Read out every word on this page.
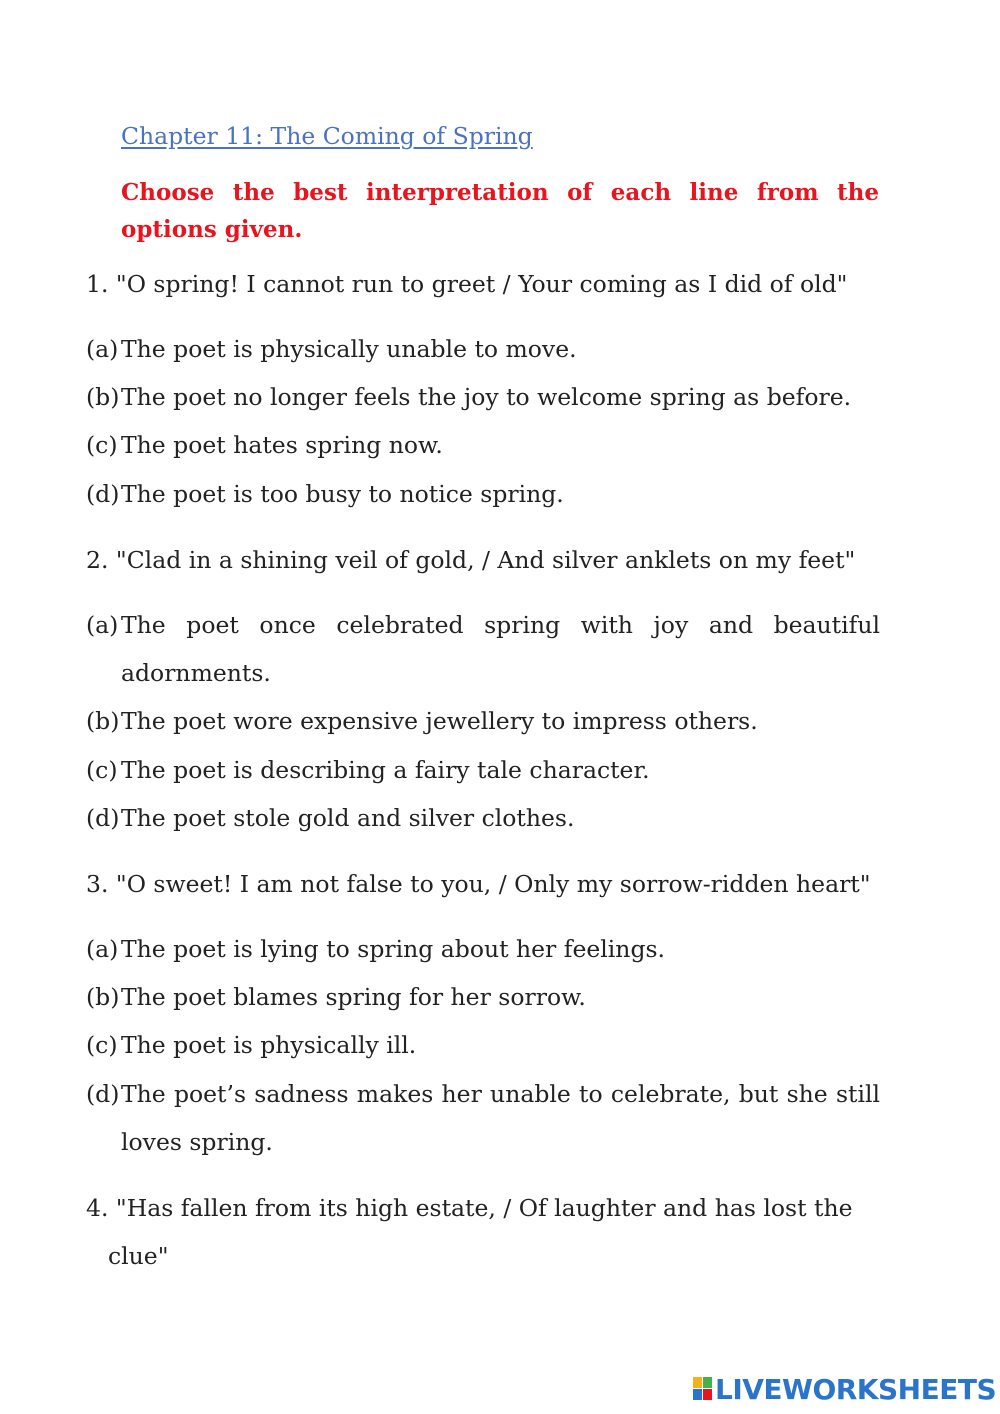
Chapter 11: The Coming of Spring

Choose the best interpretation of each line from the options given.

1. "O spring! I cannot run to greet / Your coming as I did of old"

(a) The poet is physically unable to move.
(b) The poet no longer feels the joy to welcome spring as before.
(c) The poet hates spring now.
(d) The poet is too busy to notice spring.

2. "Clad in a shining veil of gold, / And silver anklets on my feet"

(a) The poet once celebrated spring with joy and beautiful adornments.
(b) The poet wore expensive jewellery to impress others.
(c) The poet is describing a fairy tale character.
(d) The poet stole gold and silver clothes.

3. "O sweet! I am not false to you, / Only my sorrow-ridden heart"

(a) The poet is lying to spring about her feelings.
(b) The poet blames spring for her sorrow.
(c) The poet is physically ill.
(d) The poet’s sadness makes her unable to celebrate, but she still loves spring.

4. "Has fallen from its high estate, / Of laughter and has lost the clue"

LIVEWORKSHEETS
